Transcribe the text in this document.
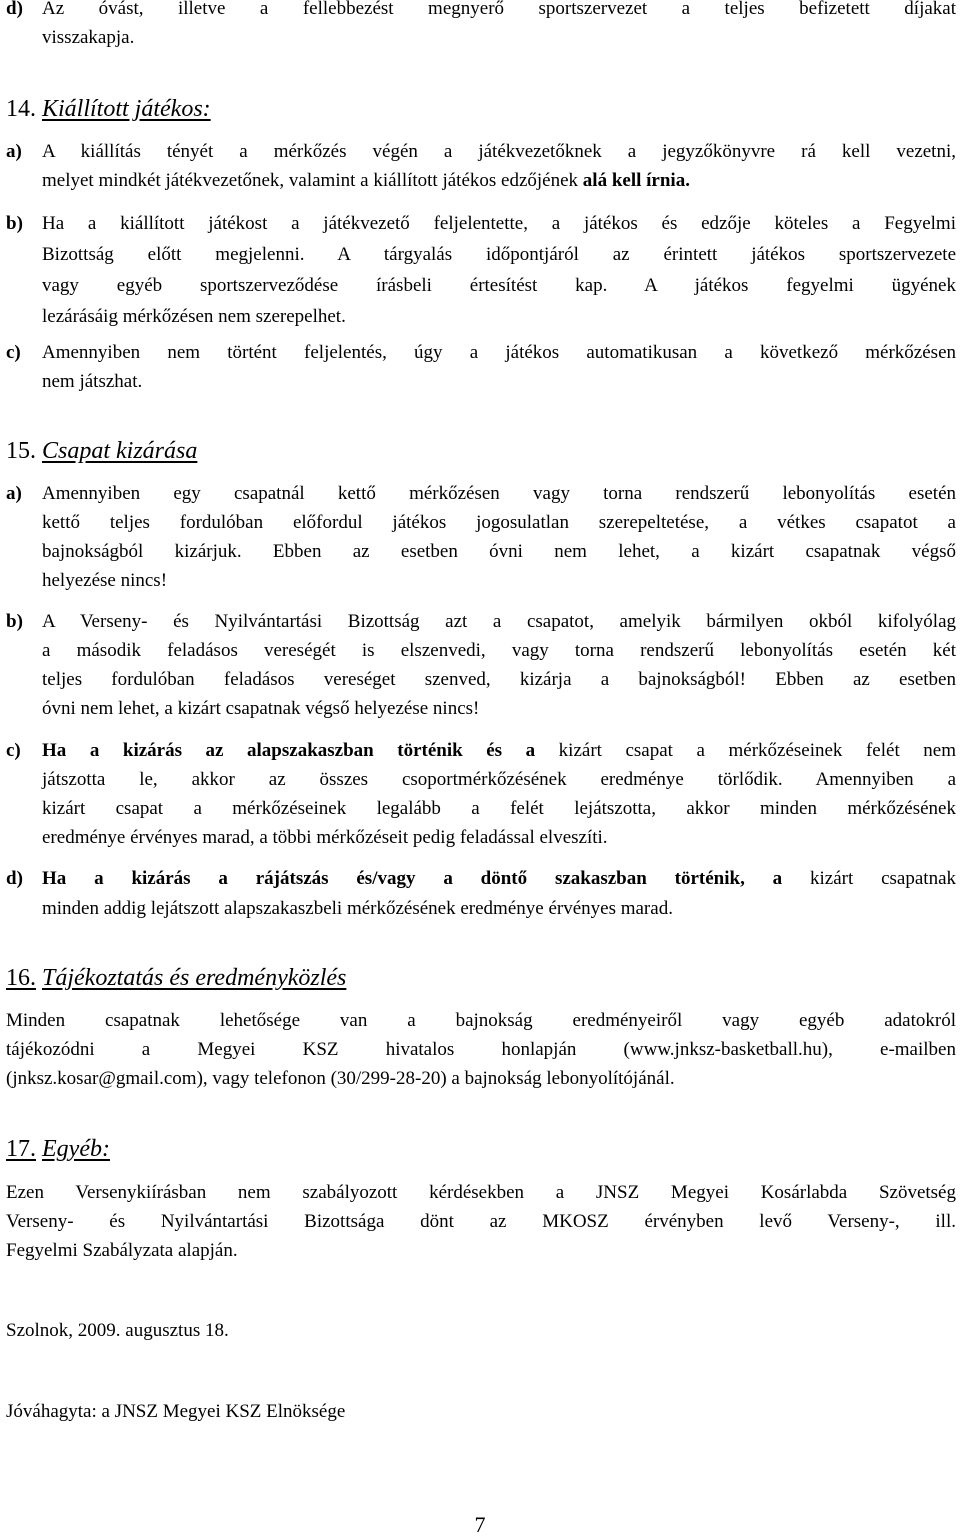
d) Az óvást, illetve a fellebbezést megnyerő sportszervezet a teljes befizetett díjakat
visszakapja.
14. Kiállított játékos:
a) A kiállítás tényét a mérkőzés végén a játékvezetőknek a jegyzőkönyvre rá kell vezetni,
melyet mindkét játékvezetőnek, valamint a kiállított játékos edzőjének alá kell írnia.
b) Ha a kiállított játékost a játékvezető feljelentette, a játékos és edzője köteles a Fegyelmi
Bizottság előtt megjelenni. A tárgyalás időpontjáról az érintett játékos sportszervezete
vagy egyéb sportszerveződése írásbeli értesítést kap. A játékos fegyelmi ügyének
lezárásáig mérkőzésen nem szerepelhet.
c) Amennyiben nem történt feljelentés, úgy a játékos automatikusan a következő mérkőzésen
nem játszhat.
15. Csapat kizárása
a) Amennyiben egy csapatnál kettő mérkőzésen vagy torna rendszerű lebonyolítás esetén
kettő teljes fordulóban előfordul játékos jogosulatlan szerepeltetése, a vétkes csapatot a
bajnokságból kizárjuk. Ebben az esetben óvni nem lehet, a kizárt csapatnak végső
helyezése nincs!
b) A Verseny- és Nyilvántartási Bizottság azt a csapatot, amelyik bármilyen okból kifolyólag
a második feladásos vereségét is elszenvedi, vagy torna rendszerű lebonyolítás esetén két
teljes fordulóban feladásos vereséget szenved, kizárja a bajnokságból! Ebben az esetben
óvni nem lehet, a kizárt csapatnak végső helyezése nincs!
c) Ha a kizárás az alapszakaszban történik és a kizárt csapat a mérkőzéseinek felét nem
játszotta le, akkor az összes csoportmérkőzésének eredménye törlődik. Amennyiben a
kizárt csapat a mérkőzéseinek legalább a felét lejátszotta, akkor minden mérkőzésének
eredménye érvényes marad, a többi mérkőzéseit pedig feladással elveszíti.
d) Ha a kizárás a rájátszás és/vagy a döntő szakaszban történik, a kizárt csapatnak
minden addig lejátszott alapszakaszbeli mérkőzésének eredménye érvényes marad.
16. Tájékoztatás és eredményközlés
Minden csapatnak lehetősége van a bajnokság eredményeiről vagy egyéb adatokról
tájékozódni a Megyei KSZ hivatalos honlapján (www.jnksz-basketball.hu), e-mailben
(jnksz.kosar@gmail.com), vagy telefonon (30/299-28-20) a bajnokság lebonyolítójánál.
17. Egyéb:
Ezen Versenykiírásban nem szabályozott kérdésekben a JNSZ Megyei Kosárlabda Szövetség
Verseny- és Nyilvántartási Bizottsága dönt az MKOSZ érvényben levő Verseny-, ill.
Fegyelmi Szabályzata alapján.
Szolnok, 2009. augusztus 18.
Jóváhagyta: a JNSZ Megyei KSZ Elnöksége
7
